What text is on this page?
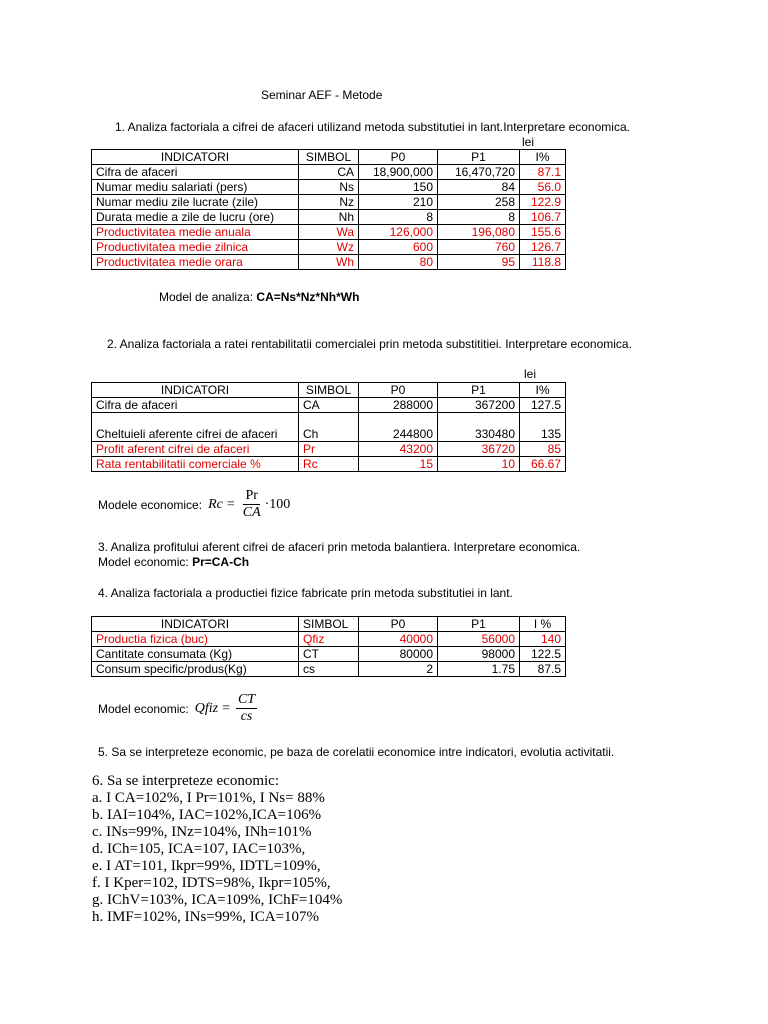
Seminar AEF - Metode
1. Analiza factoriala a cifrei de afaceri utilizand metoda substitutiei in lant.Interpretare economica.
lei
INDICATORI	SIMBOL	P0	P1	I%
Cifra de afaceri	CA	18,900,000	16,470,720	87.1
Numar mediu salariati (pers)	Ns	150	84	56.0
Numar mediu zile lucrate (zile)	Nz	210	258	122.9
Durata medie a zile de lucru (ore)	Nh	8	8	106.7
Productivitatea medie anuala	Wa	126,000	196,080	155.6
Productivitatea medie zilnica	Wz	600	760	126.7
Productivitatea medie orara	Wh	80	95	118.8
Model de analiza: CA=Ns*Nz*Nh*Wh
2. Analiza factoriala a ratei rentabilitatii comercialei prin metoda substititiei. Interpretare economica.
lei
INDICATORI	SIMBOL	P0	P1	I%
Cifra de afaceri	CA	288000	367200	127.5
Cheltuieli aferente cifrei de afaceri	Ch	244800	330480	135
Profit aferent cifrei de afaceri	Pr	43200	36720	85
Rata rentabilitatii comerciale %	Rc	15	10	66.67
Modele economice: $Rc = \frac{Pr}{CA} \cdot 100$
3. Analiza profitului aferent cifrei de afaceri prin metoda balantiera. Interpretare economica.
Model economic: Pr=CA-Ch
4. Analiza factoriala a productiei fizice fabricate prin metoda substitutiei in lant.
INDICATORI	SIMBOL	P0	P1	I %
Productia fizica (buc)	Qfiz	40000	56000	140
Cantitate consumata (Kg)	CT	80000	98000	122.5
Consum specific/produs(Kg)	cs	2	1.75	87.5
Model economic: Qfiz = $\frac{CT}{cs}$
5. Sa se interpreteze economic, pe baza de corelatii economice intre indicatori, evolutia activitatii.
6. Sa se interpreteze economic:
a. I CA=102%, I Pr=101%, I Ns= 88%
b. IAI=104%, IAC=102%,ICA=106%
c. INs=99%, INz=104%, INh=101%
d. ICh=105, ICA=107, IAC=103%,
e. I AT=101, Ikpr=99%, IDTL=109%,
f. I Kper=102, IDTS=98%, Ikpr=105%,
g. IChV=103%, ICA=109%, IChF=104%
h. IMF=102%, INs=99%, ICA=107%
